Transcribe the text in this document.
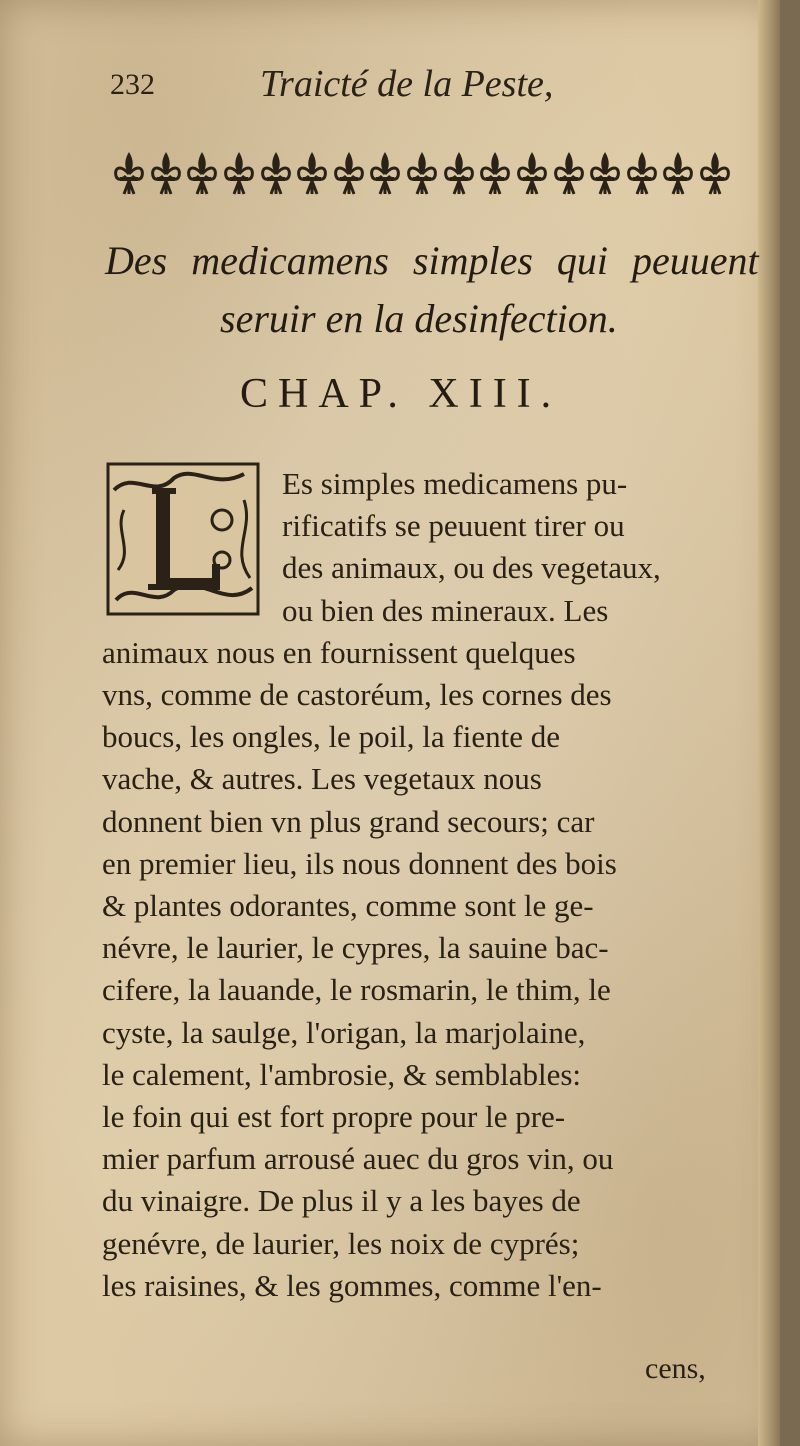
232	Traicté de la Peste,
Des medicamens simples qui peuuent
seruir en la desinfection.
CHAP. XIII.
Es simples medicamens pu-
rificatifs se peuuent tirer ou
des animaux, ou des vegetaux,
ou bien des mineraux. Les
animaux nous en fournissent quelques
vns, comme de castoréum, les cornes des
boucs, les ongles, le poil, la fiente de
vache, & autres. Les vegetaux nous
donnent bien vn plus grand secours; car
en premier lieu, ils nous donnent des bois
& plantes odorantes, comme sont le ge-
névre, le laurier, le cypres, la sauine bac-
cifere, la lauande, le rosmarin, le thim, le
cyste, la saulge, l'origan, la marjolaine,
le calement, l'ambrosie, & semblables:
le foin qui est fort propre pour le pre-
mier parfum arrousé auec du gros vin, ou
du vinaigre. De plus il y a les bayes de
genévre, de laurier, les noix de cyprés;
les raisines, & les gommes, comme l'en-
cens,
